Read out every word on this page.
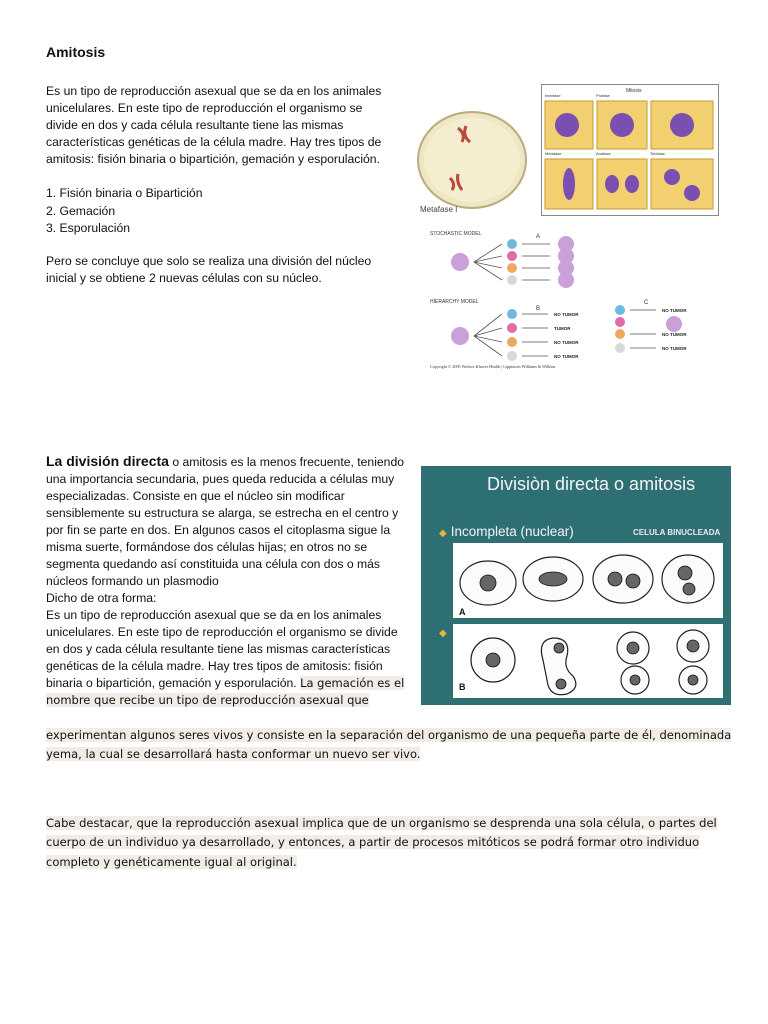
Amitosis

Es un tipo de reproducción asexual que se da en los animales unicelulares. En este tipo de reproducción el organismo se divide en dos y cada célula resultante tiene las mismas características genéticas de la célula madre. Hay tres tipos de amitosis: fisión binaria o bipartición, gemación y esporulación.

1. Fisión binaria o Bipartición
2. Gemación
3. Esporulación

Pero se concluye que solo se realiza una división del núcleo inicial y se obtiene 2 nuevas células con su núcleo.

Metafase I
Mitosis
Interfase	Profase
Metafase	Anafase	Telofase
STOCHASTIC MODEL	A
HIERARCHY MODEL
B
C
NO TUMOR
TUMOR
NO TUMOR
NO TUMOR
NO TUMOR
NO TUMOR
NO TUMOR
Copyright © 2005 Wolters Kluwer Health | Lippincott Williams & Wilkins

La división directa o amitosis es la menos frecuente, teniendo una importancia secundaria, pues queda reducida a células muy especializadas. Consiste en que el núcleo sin modificar sensiblemente su estructura se alarga, se estrecha en el centro y por fin se parte en dos. En algunos casos el citoplasma sigue la misma suerte, formándose dos células hijas; en otros no se segmenta quedando así constituida una célula con dos o más núcleos formando un plasmodio
Dicho de otra forma:
Es un tipo de reproducción asexual que se da en los animales unicelulares. En este tipo de reproducción el organismo se divide en dos y cada célula resultante tiene las mismas características genéticas de la célula madre. Hay tres tipos de amitosis: fisión binaria o bipartición, gemación y esporulación. La gemación es el nombre que recibe un tipo de reproducción asexual que

experimentan algunos seres vivos y consiste en la separación del organismo de una pequeña parte de él, denominada yema, la cual se desarrollará hasta conformar un nuevo ser vivo.

Divisiòn directa o amitosis
◆ Incompleta (nuclear)	CELULA BINUCLEADA
A
◆
B

Cabe destacar, que la reproducción asexual implica que de un organismo se desprenda una sola célula, o partes del cuerpo de un individuo ya desarrollado, y entonces, a partir de procesos mitóticos se podrá formar otro individuo completo y genéticamente igual al original.
